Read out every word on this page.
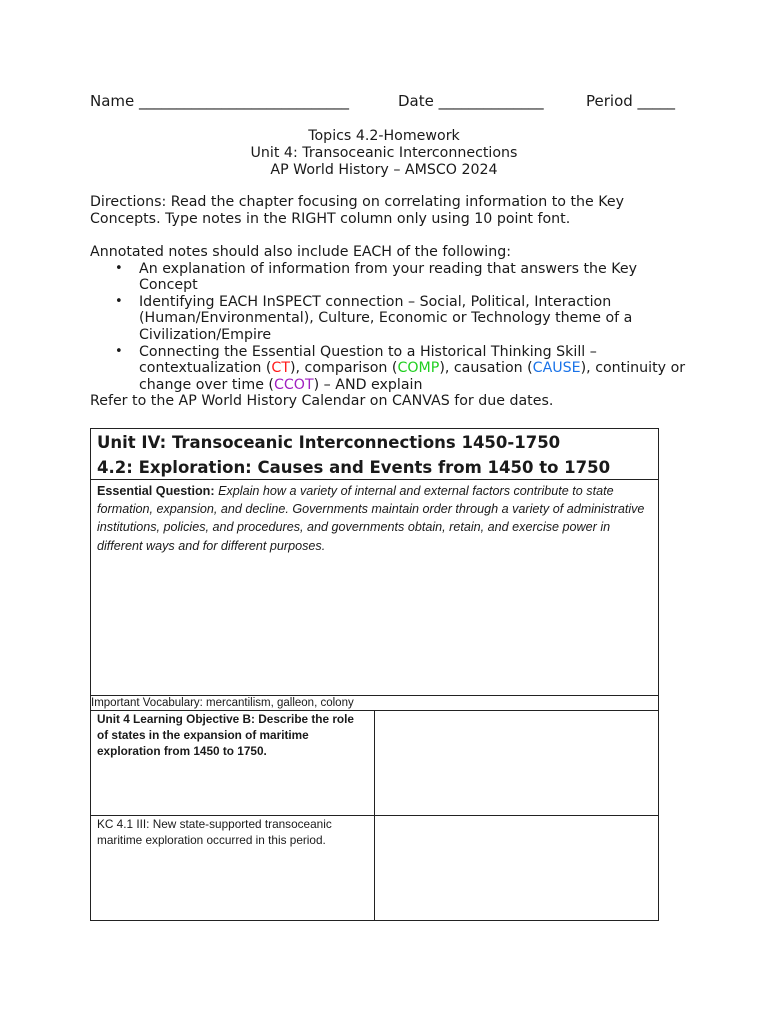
Name ____________________________	Date ______________	Period _____
Topics 4.2-Homework
Unit 4: Transoceanic Interconnections
AP World History – AMSCO 2024
Directions: Read the chapter focusing on correlating information to the Key
Concepts. Type notes in the RIGHT column only using 10 point font.
Annotated notes should also include EACH of the following:
• An explanation of information from your reading that answers the Key
Concept
• Identifying EACH InSPECT connection – Social, Political, Interaction
(Human/Environmental), Culture, Economic or Technology theme of a
Civilization/Empire
• Connecting the Essential Question to a Historical Thinking Skill –
contextualization (CT), comparison (COMP), causation (CAUSE), continuity or
change over time (CCOT) – AND explain
Refer to the AP World History Calendar on CANVAS for due dates.
Unit IV: Transoceanic Interconnections 1450-1750
4.2: Exploration: Causes and Events from 1450 to 1750	

Essential Question: Explain how a variety of internal and external factors contribute to state formation, expansion, and decline. Governments maintain order through a variety of administrative institutions, policies, and procedures, and governments obtain, retain, and exercise power in different ways and for different purposes.	

Important Vocabulary: mercantilism, galleon, colony	

Unit 4 Learning Objective B: Describe the role of states in the expansion of maritime exploration from 1450 to 1750.	

KC 4.1 III: New state-supported transoceanic maritime exploration occurred in this period.	
